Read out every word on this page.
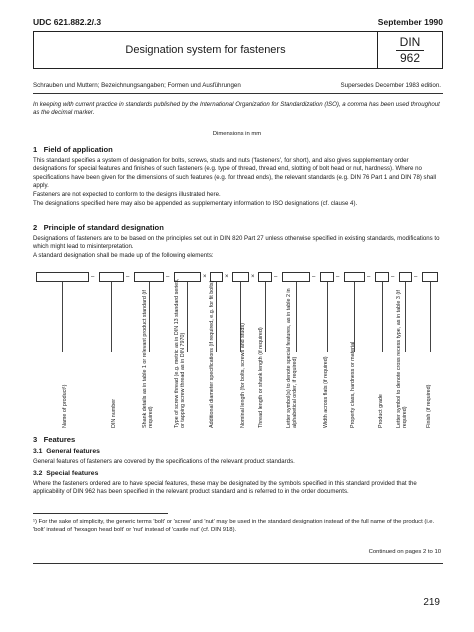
UDC 621.882.2/.3	September 1990
Designation system for fasteners
DIN
962
Schrauben und Muttern; Bezeichnungsangaben; Formen und Ausführungen	Supersedes December 1983 edition.
In keeping with current practice in standards published by the International Organization for Standardization (ISO), a comma has been used throughout as the decimal marker.
Dimensions in mm
1 Field of application
This standard specifies a system of designation for bolts, screws, studs and nuts ('fasteners', for short), and also gives supplementary order designations for special features and finishes of such fasteners (e.g. type of thread, thread end, slotting of bolt head or nut, hardness). Where no specifications have been given for the dimensions of such features (e.g. for thread ends), the relevant standards (e.g. DIN 76 Part 1 and DIN 78) shall apply.
Fasteners are not expected to conform to the designs illustrated here.
The designations specified here may also be appended as supplementary information to ISO designations (cf. clause 4).
2 Principle of standard designation
Designations of fasteners are to be based on the principles set out in DIN 820 Part 27 unless otherwise specified in existing standards, modifications to which might lead to misinterpretation.
A standard designation shall be made up of the following elements:
–	–	–	×	×	×	–	–	–	–	–	–
Name of product¹)	DIN number	Shank details as in table 1 or relevant product standard (if required)	Type of screw thread (e.g. metric as in DIN 13 standard series, or tapping screw thread as in DIN 7970)	Additional diameter specifications (if required, e.g. for fit bolts)	Nominal length (for bolts, screws and studs) Thread length or shank length (if required)	Letter symbol(s) to denote special features, as in table 2 in alphabetical order, if required)	Width across flats (if required)	Property class, hardness or material	Product grade Letter symbol to denote cross recess type, as in table 3 (if required)	Finish (if required)
3 Features
3.1 General features
General features of fasteners are covered by the specifications of the relevant product standards.
3.2 Special features
Where the fasteners ordered are to have special features, these may be designated by the symbols specified in this standard provided that the applicability of DIN 962 has been specified in the relevant product standard and is referred to in the order documents.
¹) For the sake of simplicity, the generic terms 'bolt' or 'screw' and 'nut' may be used in the standard designation instead of the full name of the product (i.e. 'bolt' instead of 'hexagon head bolt' or 'nut' instead of 'castle nut' (cf. DIN 918).
Continued on pages 2 to 10
219
